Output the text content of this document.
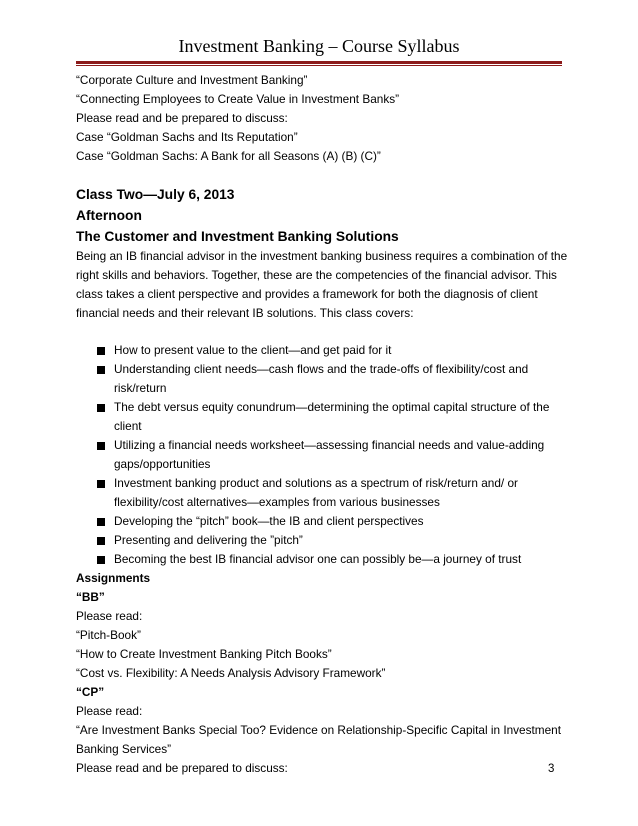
Investment Banking – Course Syllabus
“Corporate Culture and Investment Banking”
“Connecting Employees to Create Value in Investment Banks”
Please read and be prepared to discuss:
Case “Goldman Sachs and Its Reputation”
Case “Goldman Sachs: A Bank for all Seasons (A) (B) (C)”
Class Two—July 6, 2013
Afternoon
The Customer and Investment Banking Solutions
Being an IB financial advisor in the investment banking business requires a combination of the
right skills and behaviors. Together, these are the competencies of the financial advisor. This
class takes a client perspective and provides a framework for both the diagnosis of client
financial needs and their relevant IB solutions. This class covers:
How to present value to the client—and get paid for it
Understanding client needs—cash flows and the trade-offs of flexibility/cost and
risk/return
The debt versus equity conundrum—determining the optimal capital structure of the
client
Utilizing a financial needs worksheet—assessing financial needs and value-adding
gaps/opportunities
Investment banking product and solutions as a spectrum of risk/return and/ or
flexibility/cost alternatives—examples from various businesses
Developing the “pitch” book—the IB and client perspectives
Presenting and delivering the ”pitch”
Becoming the best IB financial advisor one can possibly be—a journey of trust
Assignments
“BB”
Please read:
“Pitch-Book”
“How to Create Investment Banking Pitch Books”
“Cost vs. Flexibility: A Needs Analysis Advisory Framework”
“CP”
Please read:
“Are Investment Banks Special Too? Evidence on Relationship-Specific Capital in Investment
Banking Services”
Please read and be prepared to discuss:	3
